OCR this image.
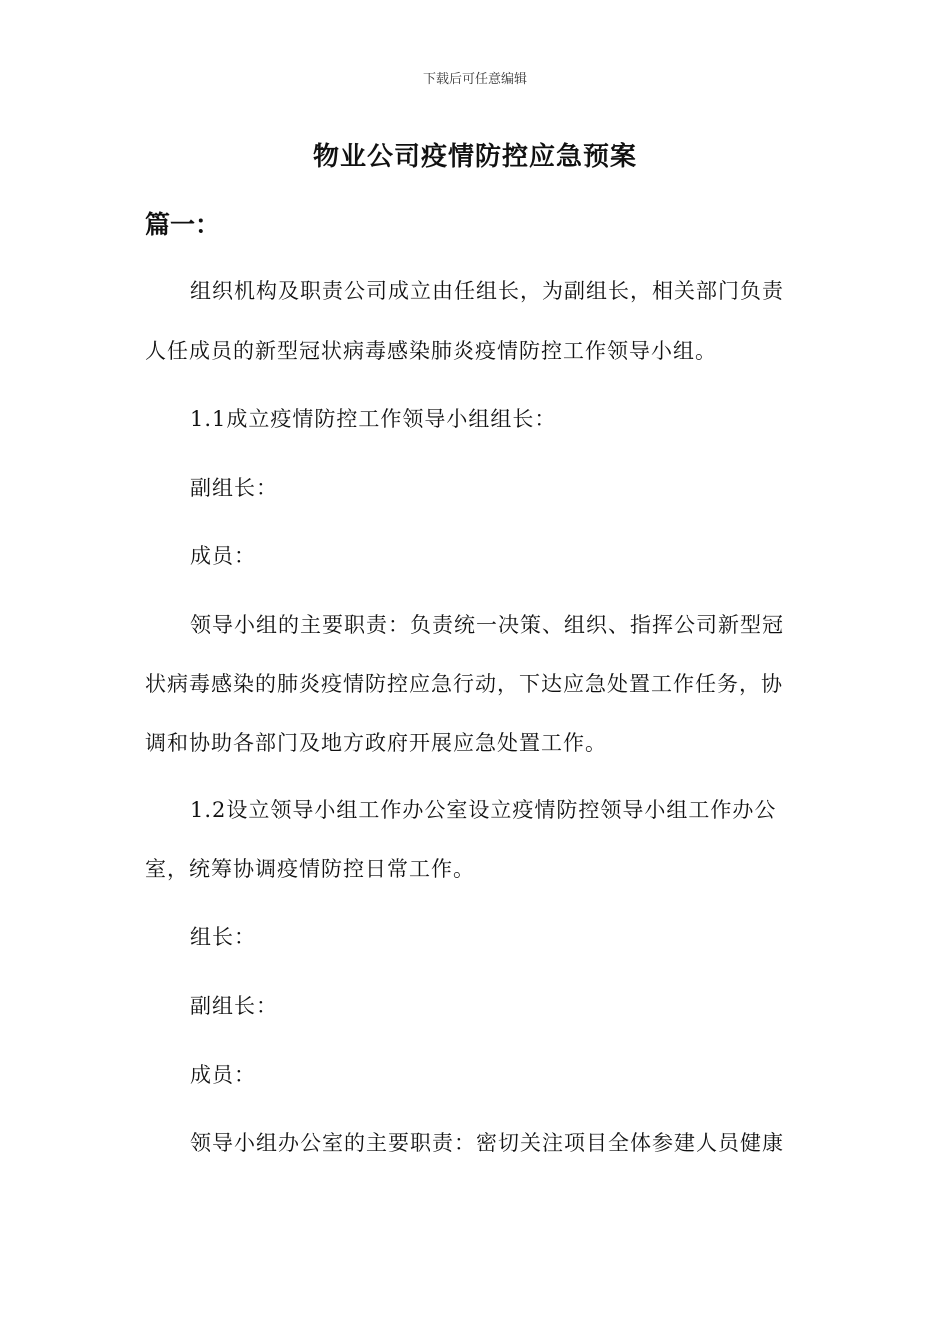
下载后可任意编辑
物业公司疫情防控应急预案
篇一：
组织机构及职责公司成立由任组长，为副组长，相关部门负责
人任成员的新型冠状病毒感染肺炎疫情防控工作领导小组。
1.1成立疫情防控工作领导小组组长：
副组长：
成员：
领导小组的主要职责：负责统一决策、组织、指挥公司新型冠
状病毒感染的肺炎疫情防控应急行动，下达应急处置工作任务，协
调和协助各部门及地方政府开展应急处置工作。
1.2设立领导小组工作办公室设立疫情防控领导小组工作办公
室，统筹协调疫情防控日常工作。
组长：
副组长：
成员：
领导小组办公室的主要职责：密切关注项目全体参建人员健康
